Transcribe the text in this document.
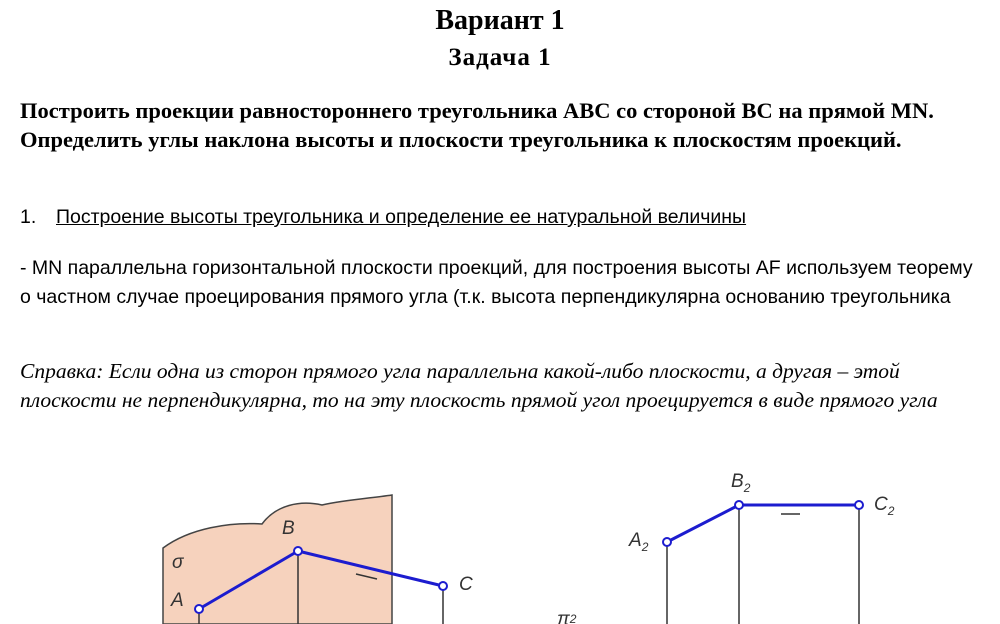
Вариант 1
Задача 1
Построить проекции равностороннего треугольника ABC со стороной BC на прямой MN. Определить углы наклона высоты и плоскости треугольника к плоскостям проекций.
1. Построение высоты треугольника и определение ее натуральной величины
- MN параллельна горизонтальной плоскости проекций, для построения высоты AF используем теорему о частном случае проецирования прямого угла (т.к. высота перпендикулярна основанию треугольника
Справка: Если одна из сторон прямого угла параллельна какой-либо плоскости, а другая – этой плоскости не перпендикулярна, то на эту плоскость прямой угол проецируется в виде прямого угла
σ
A
B
C
$A_2$
$B_2$
$C_2$
π2
